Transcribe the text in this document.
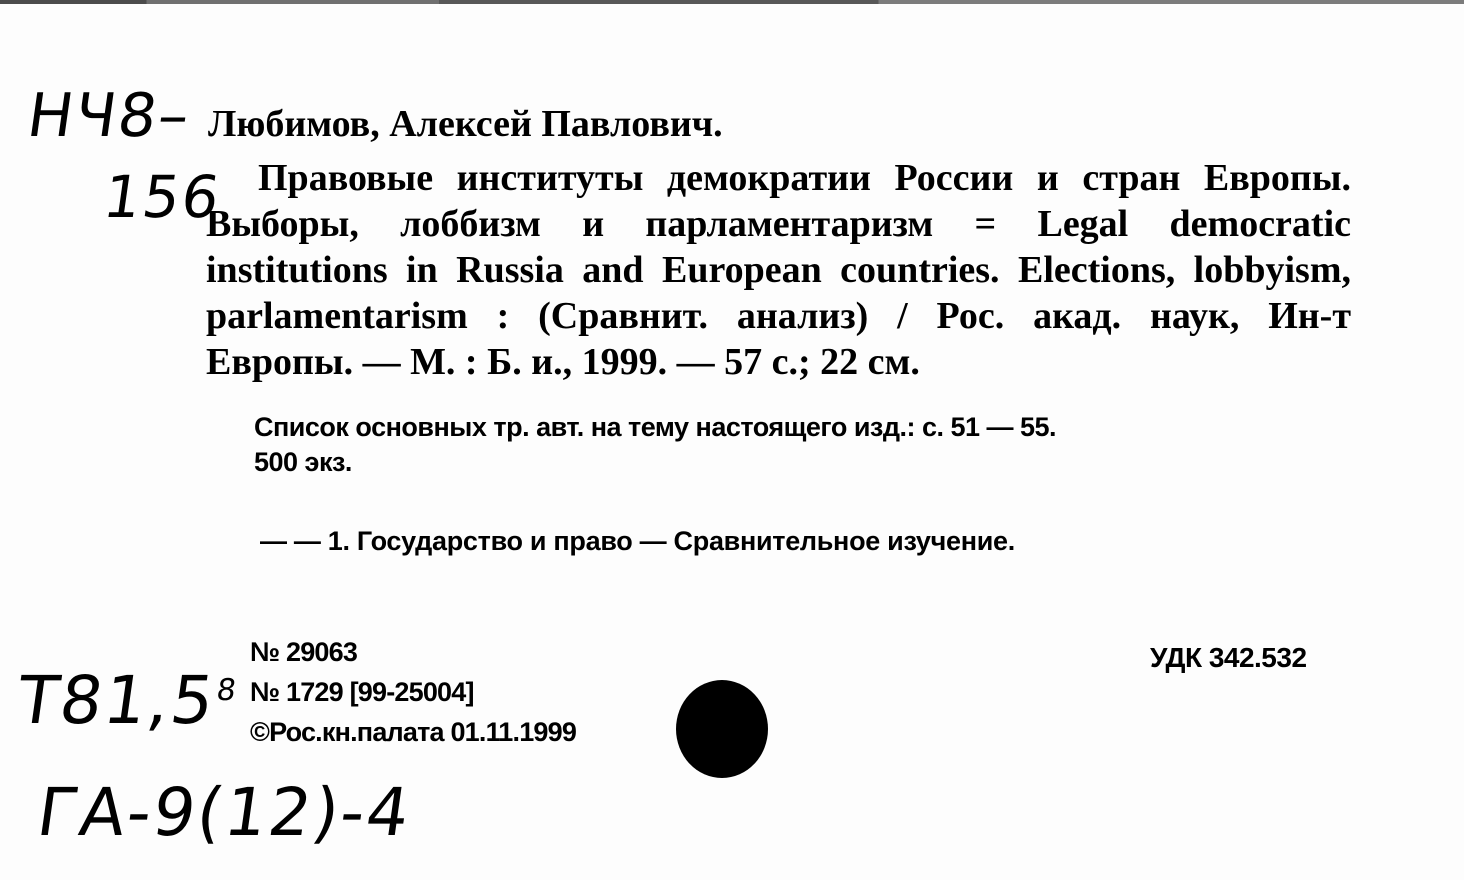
НЧ8–
156
Любимов, Алексей Павлович.

Правовые институты демократии России и стран Европы. Выборы, лоббизм и парламентаризм = Legal democratic institutions in Russia and European countries. Elections, lobbyism, parlamentarism : (Сравнит. анализ) / Рос. акад. наук, Ин-т Европы. — М. : Б. и., 1999. — 57 с.; 22 см.

Список основных тр. авт. на тему настоящего изд.: с. 51 — 55.
500 экз.
— — 1. Государство и право — Сравнительное изучение.
№ 29063
№ 1729 [99-25004]
©Рос.кн.палата 01.11.1999
УДК 342.532
Т81,5$^8$
ГА-9(12)-4
